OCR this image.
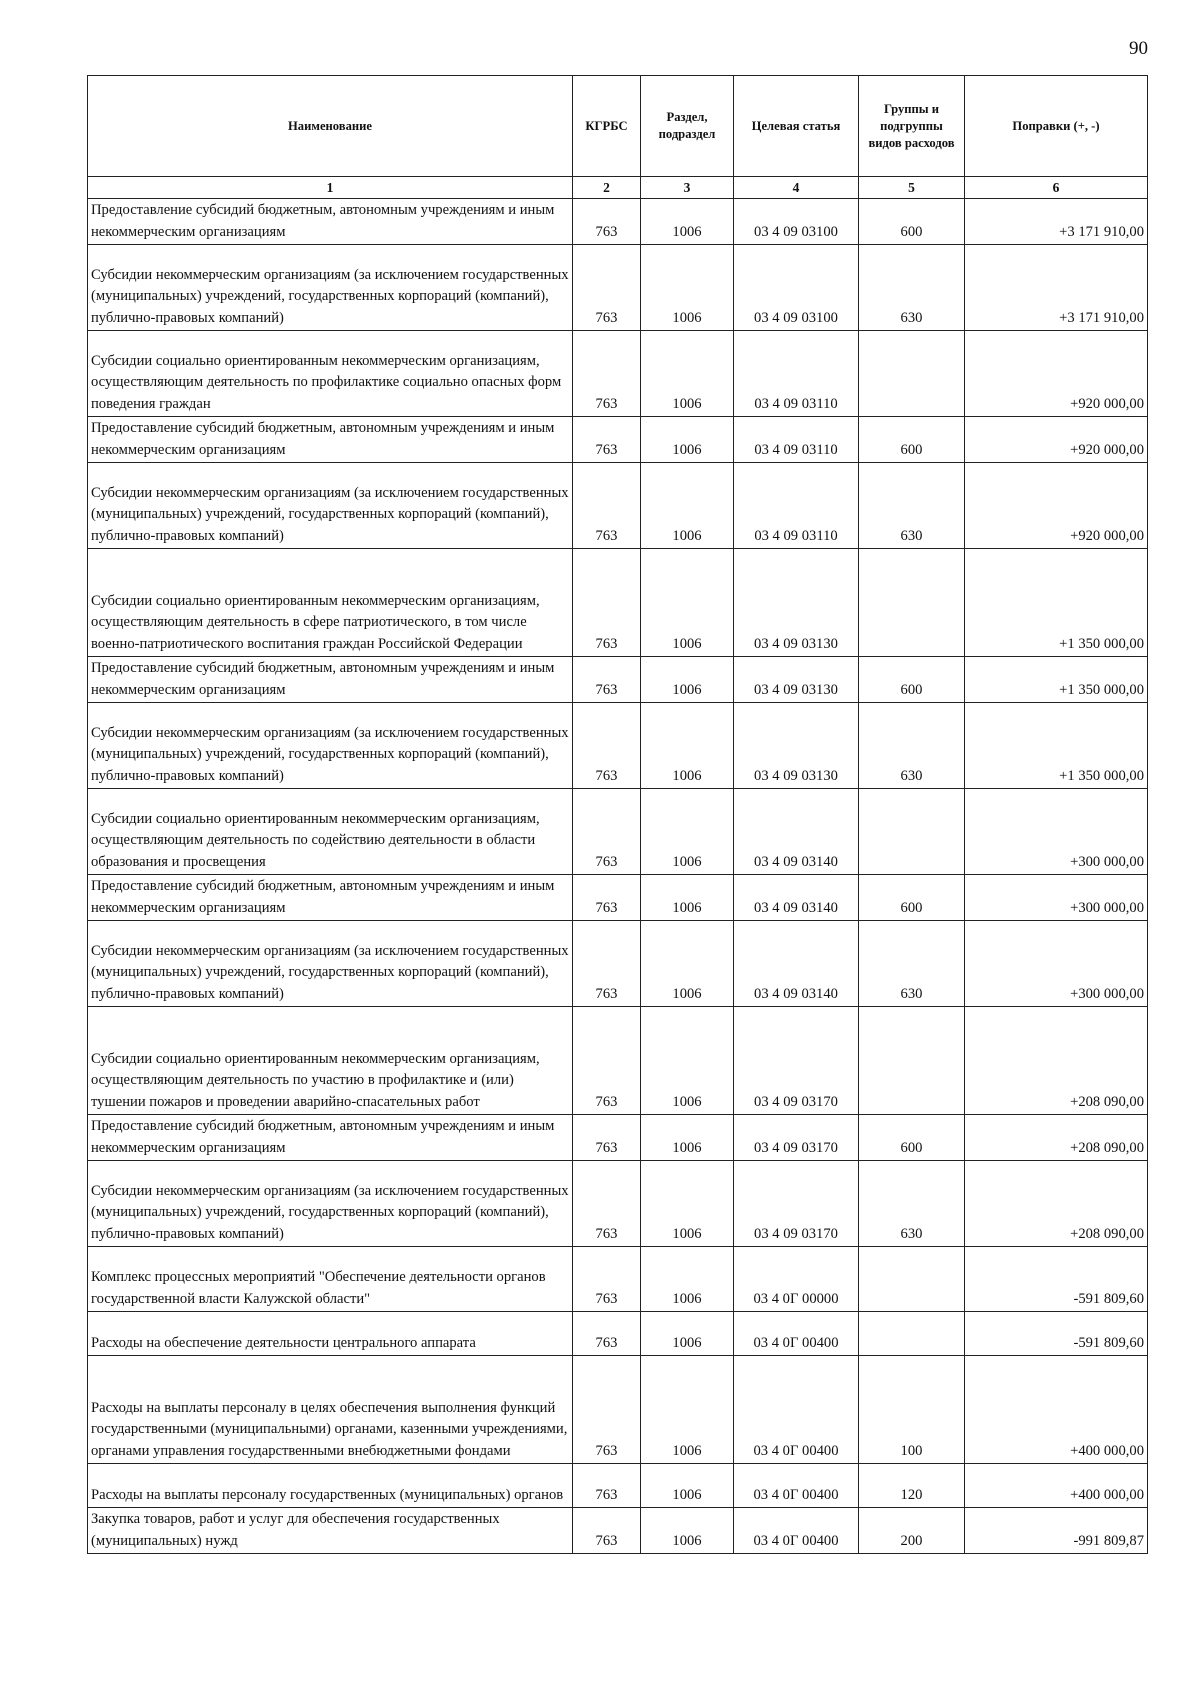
90
Наименование	КГРБС	Раздел, подраздел	Целевая статья	Группы и подгруппы видов расходов	Поправки (+, -)
1	2	3	4	5	6
Предоставление субсидий бюджетным, автономным учреждениям и иным некоммерческим организациям	763	1006	03 4 09 03100	600	+3 171 910,00
Субсидии некоммерческим организациям (за исключением государственных (муниципальных) учреждений, государственных корпораций (компаний), публично-правовых компаний)	763	1006	03 4 09 03100	630	+3 171 910,00
Субсидии социально ориентированным некоммерческим организациям, осуществляющим деятельность по профилактике социально опасных форм поведения граждан	763	1006	03 4 09 03110		+920 000,00
Предоставление субсидий бюджетным, автономным учреждениям и иным некоммерческим организациям	763	1006	03 4 09 03110	600	+920 000,00
Субсидии некоммерческим организациям (за исключением государственных (муниципальных) учреждений, государственных корпораций (компаний), публично-правовых компаний)	763	1006	03 4 09 03110	630	+920 000,00
Субсидии социально ориентированным некоммерческим организациям, осуществляющим деятельность в сфере патриотического, в том числе военно-патриотического воспитания граждан Российской Федерации	763	1006	03 4 09 03130		+1 350 000,00
Предоставление субсидий бюджетным, автономным учреждениям и иным некоммерческим организациям	763	1006	03 4 09 03130	600	+1 350 000,00
Субсидии некоммерческим организациям (за исключением государственных (муниципальных) учреждений, государственных корпораций (компаний), публично-правовых компаний)	763	1006	03 4 09 03130	630	+1 350 000,00
Субсидии социально ориентированным некоммерческим организациям, осуществляющим деятельность по содействию деятельности в области образования и просвещения	763	1006	03 4 09 03140		+300 000,00
Предоставление субсидий бюджетным, автономным учреждениям и иным некоммерческим организациям	763	1006	03 4 09 03140	600	+300 000,00
Субсидии некоммерческим организациям (за исключением государственных (муниципальных) учреждений, государственных корпораций (компаний), публично-правовых компаний)	763	1006	03 4 09 03140	630	+300 000,00
Субсидии социально ориентированным некоммерческим организациям, осуществляющим деятельность по участию в профилактике и (или) тушении пожаров и проведении аварийно-спасательных работ	763	1006	03 4 09 03170		+208 090,00
Предоставление субсидий бюджетным, автономным учреждениям и иным некоммерческим организациям	763	1006	03 4 09 03170	600	+208 090,00
Субсидии некоммерческим организациям (за исключением государственных (муниципальных) учреждений, государственных корпораций (компаний), публично-правовых компаний)	763	1006	03 4 09 03170	630	+208 090,00
Комплекс процессных мероприятий "Обеспечение деятельности органов государственной власти Калужской области"	763	1006	03 4 0Г 00000		-591 809,60
Расходы на обеспечение деятельности центрального аппарата	763	1006	03 4 0Г 00400		-591 809,60
Расходы на выплаты персоналу в целях обеспечения выполнения функций государственными (муниципальными) органами, казенными учреждениями, органами управления государственными внебюджетными фондами	763	1006	03 4 0Г 00400	100	+400 000,00
Расходы на выплаты персоналу государственных (муниципальных) органов	763	1006	03 4 0Г 00400	120	+400 000,00
Закупка товаров, работ и услуг для обеспечения государственных (муниципальных) нужд	763	1006	03 4 0Г 00400	200	-991 809,87
